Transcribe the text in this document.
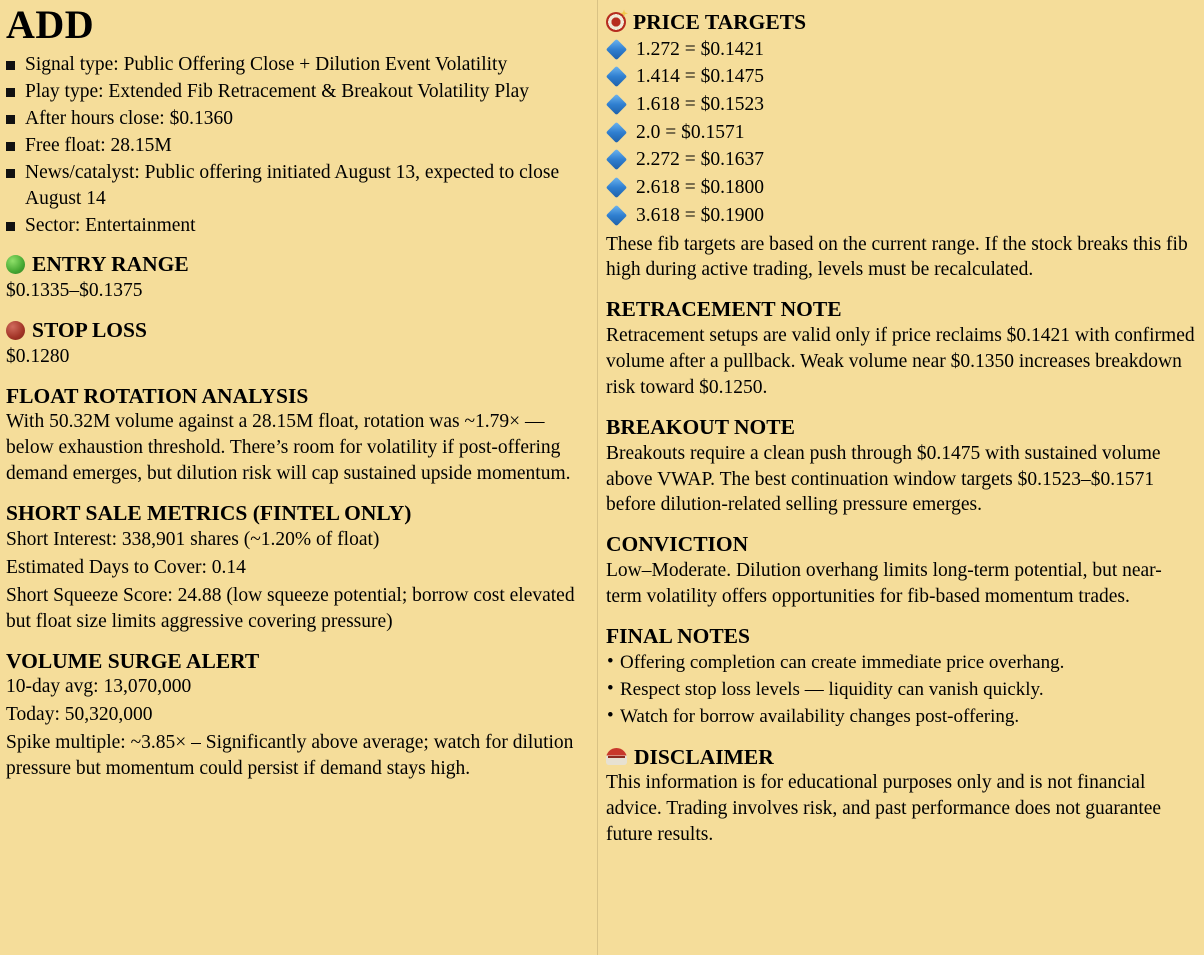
ADD
Signal type: Public Offering Close + Dilution Event Volatility
Play type: Extended Fib Retracement & Breakout Volatility Play
After hours close: $0.1360
Free float: 28.15M
News/catalyst: Public offering initiated August 13, expected to close August 14
Sector: Entertainment
ENTRY RANGE

$0.1335–$0.1375

STOP LOSS

$0.1280

FLOAT ROTATION ANALYSIS

With 50.32M volume against a 28.15M float, rotation was ~1.79× — below exhaustion threshold. There’s room for volatility if post-offering demand emerges, but dilution risk will cap sustained upside momentum.

SHORT SALE METRICS (FINTEL ONLY)

Short Interest: 338,901 shares (~1.20% of float)

Estimated Days to Cover: 0.14

Short Squeeze Score: 24.88 (low squeeze potential; borrow cost elevated but float size limits aggressive covering pressure)

VOLUME SURGE ALERT

10-day avg: 13,070,000

Today: 50,320,000

Spike multiple: ~3.85× – Significantly above average; watch for dilution pressure but momentum could persist if demand stays high.

PRICE TARGETS
1.272 = $0.1421
1.414 = $0.1475
1.618 = $0.1523
2.0 = $0.1571
2.272 = $0.1637
2.618 = $0.1800
3.618 = $0.1900

These fib targets are based on the current range. If the stock breaks this fib high during active trading, levels must be recalculated.

RETRACEMENT NOTE

Retracement setups are valid only if price reclaims $0.1421 with confirmed volume after a pullback. Weak volume near $0.1350 increases breakdown risk toward $0.1250.

BREAKOUT NOTE

Breakouts require a clean push through $0.1475 with sustained volume above VWAP. The best continuation window targets $0.1523–$0.1571 before dilution-related selling pressure emerges.

CONVICTION

Low–Moderate. Dilution overhang limits long-term potential, but near-term volatility offers opportunities for fib-based momentum trades.

FINAL NOTES
• Offering completion can create immediate price overhang.
• Respect stop loss levels — liquidity can vanish quickly.
• Watch for borrow availability changes post-offering.
DISCLAIMER

This information is for educational purposes only and is not financial advice. Trading involves risk, and past performance does not guarantee future results.
